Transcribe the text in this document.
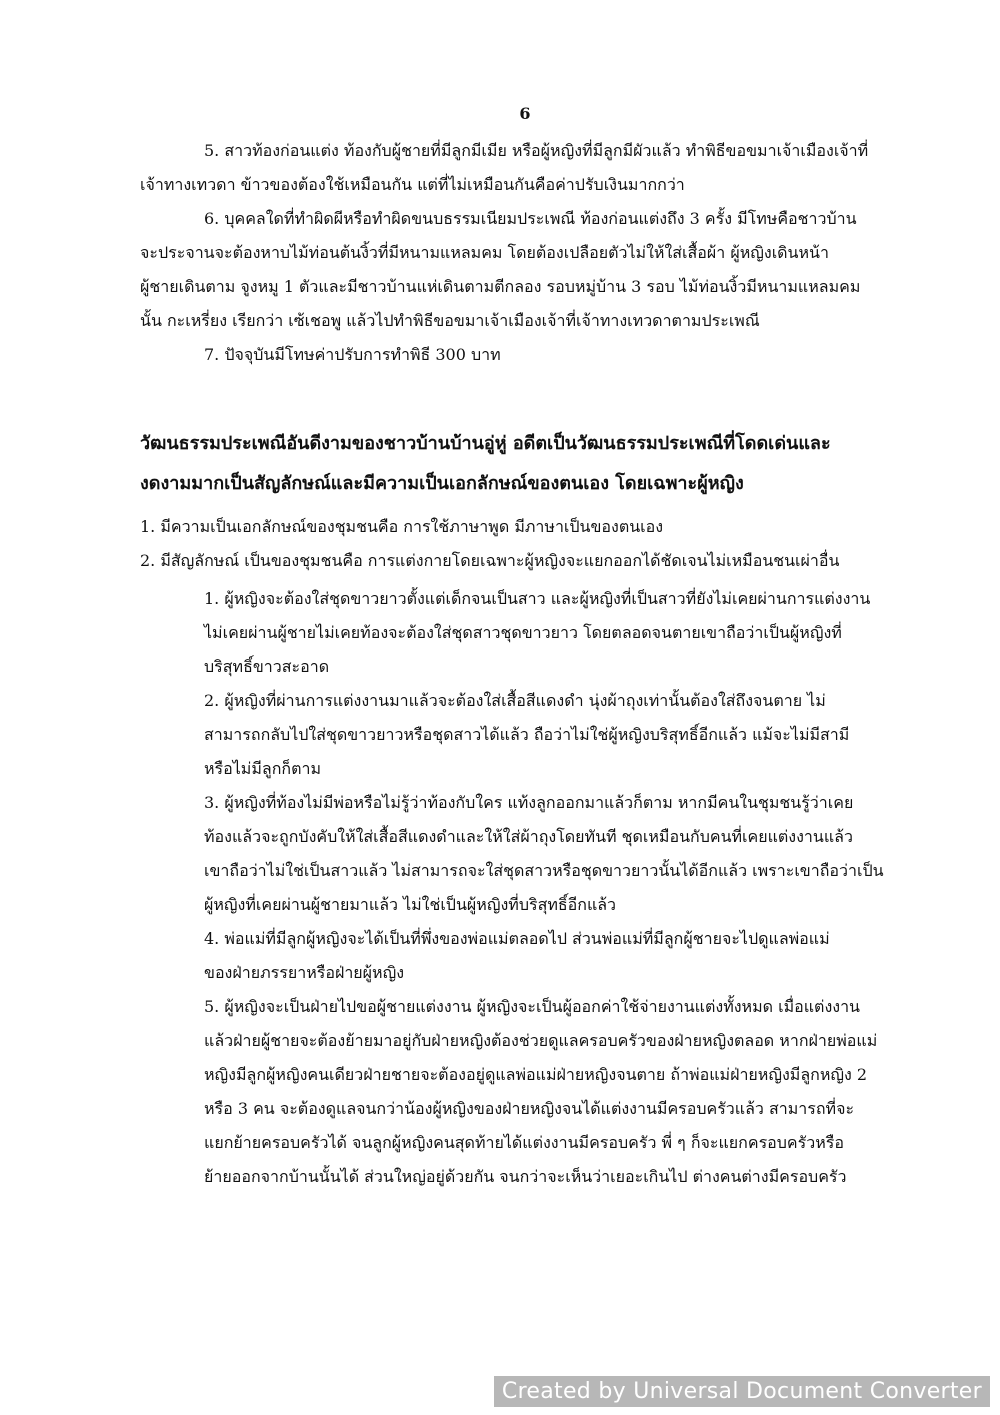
6
5. สาวท้องก่อนแต่ง ท้องกับผู้ชายที่มีลูกมีเมีย หรือผู้หญิงที่มีลูกมีผัวแล้ว ทำพิธีขอขมาเจ้าเมืองเจ้าที่
เจ้าทางเทวดา ข้าวของต้องใช้เหมือนกัน แต่ที่ไม่เหมือนกันคือค่าปรับเงินมากกว่า
6. บุคคลใดที่ทำผิดผีหรือทำผิดขนบธรรมเนียมประเพณี ท้องก่อนแต่งถึง 3 ครั้ง มีโทษคือชาวบ้าน
จะประจานจะต้องหาบไม้ท่อนต้นงิ้วที่มีหนามแหลมคม โดยต้องเปลือยตัวไม่ให้ใส่เสื้อผ้า ผู้หญิงเดินหน้า
ผู้ชายเดินตาม จูงหมู 1 ตัวและมีชาวบ้านแห่เดินตามตีกลอง รอบหมู่บ้าน 3 รอบ ไม้ท่อนงิ้วมีหนามแหลมคม
นั้น กะเหรี่ยง เรียกว่า เซ้เชอพู แล้วไปทำพิธีขอขมาเจ้าเมืองเจ้าที่เจ้าทางเทวดาตามประเพณี
7. ปัจจุบันมีโทษค่าปรับการทำพิธี 300 บาท
วัฒนธรรมประเพณีอันดีงามของชาวบ้านบ้านอู่หู่ อดีตเป็นวัฒนธรรมประเพณีที่โดดเด่นและ
งดงามมากเป็นสัญลักษณ์และมีความเป็นเอกลักษณ์ของตนเอง โดยเฉพาะผู้หญิง
1. มีความเป็นเอกลักษณ์ของชุมชนคือ การใช้ภาษาพูด มีภาษาเป็นของตนเอง
2. มีสัญลักษณ์ เป็นของชุมชนคือ การแต่งกายโดยเฉพาะผู้หญิงจะแยกออกได้ชัดเจนไม่เหมือนชนเผ่าอื่น
1. ผู้หญิงจะต้องใส่ชุดขาวยาวตั้งแต่เด็กจนเป็นสาว และผู้หญิงที่เป็นสาวที่ยังไม่เคยผ่านการแต่งงาน
ไม่เคยผ่านผู้ชายไม่เคยท้องจะต้องใส่ชุดสาวชุดขาวยาว โดยตลอดจนตายเขาถือว่าเป็นผู้หญิงที่
บริสุทธิ์ขาวสะอาด
2. ผู้หญิงที่ผ่านการแต่งงานมาแล้วจะต้องใส่เสื้อสีแดงดำ นุ่งผ้าถุงเท่านั้นต้องใส่ถึงจนตาย ไม่
สามารถกลับไปใส่ชุดขาวยาวหรือชุดสาวได้แล้ว ถือว่าไม่ใช่ผู้หญิงบริสุทธิ์อีกแล้ว แม้จะไม่มีสามี
หรือไม่มีลูกก็ตาม
3. ผู้หญิงที่ท้องไม่มีพ่อหรือไม่รู้ว่าท้องกับใคร แท้งลูกออกมาแล้วก็ตาม หากมีคนในชุมชนรู้ว่าเคย
ท้องแล้วจะถูกบังคับให้ใส่เสื้อสีแดงดำและให้ใส่ผ้าถุงโดยทันที ชุดเหมือนกับคนที่เคยแต่งงานแล้ว
เขาถือว่าไม่ใช่เป็นสาวแล้ว ไม่สามารถจะใส่ชุดสาวหรือชุดขาวยาวนั้นได้อีกแล้ว เพราะเขาถือว่าเป็น
ผู้หญิงที่เคยผ่านผู้ชายมาแล้ว ไม่ใช่เป็นผู้หญิงที่บริสุทธิ์อีกแล้ว
4. พ่อแม่ที่มีลูกผู้หญิงจะได้เป็นที่พึ่งของพ่อแม่ตลอดไป ส่วนพ่อแม่ที่มีลูกผู้ชายจะไปดูแลพ่อแม่
ของฝ่ายภรรยาหรือฝ่ายผู้หญิง
5. ผู้หญิงจะเป็นฝ่ายไปขอผู้ชายแต่งงาน ผู้หญิงจะเป็นผู้ออกค่าใช้จ่ายงานแต่งทั้งหมด เมื่อแต่งงาน
แล้วฝ่ายผู้ชายจะต้องย้ายมาอยู่กับฝ่ายหญิงต้องช่วยดูแลครอบครัวของฝ่ายหญิงตลอด หากฝ่ายพ่อแม่
หญิงมีลูกผู้หญิงคนเดียวฝ่ายชายจะต้องอยู่ดูแลพ่อแม่ฝ่ายหญิงจนตาย ถ้าพ่อแม่ฝ่ายหญิงมีลูกหญิง 2
หรือ 3 คน จะต้องดูแลจนกว่าน้องผู้หญิงของฝ่ายหญิงจนได้แต่งงานมีครอบครัวแล้ว สามารถที่จะ
แยกย้ายครอบครัวได้ จนลูกผู้หญิงคนสุดท้ายได้แต่งงานมีครอบครัว พี่ ๆ ก็จะแยกครอบครัวหรือ
ย้ายออกจากบ้านนั้นได้ ส่วนใหญ่อยู่ด้วยกัน จนกว่าจะเห็นว่าเยอะเกินไป ต่างคนต่างมีครอบครัว
Created by Universal Document Converter
